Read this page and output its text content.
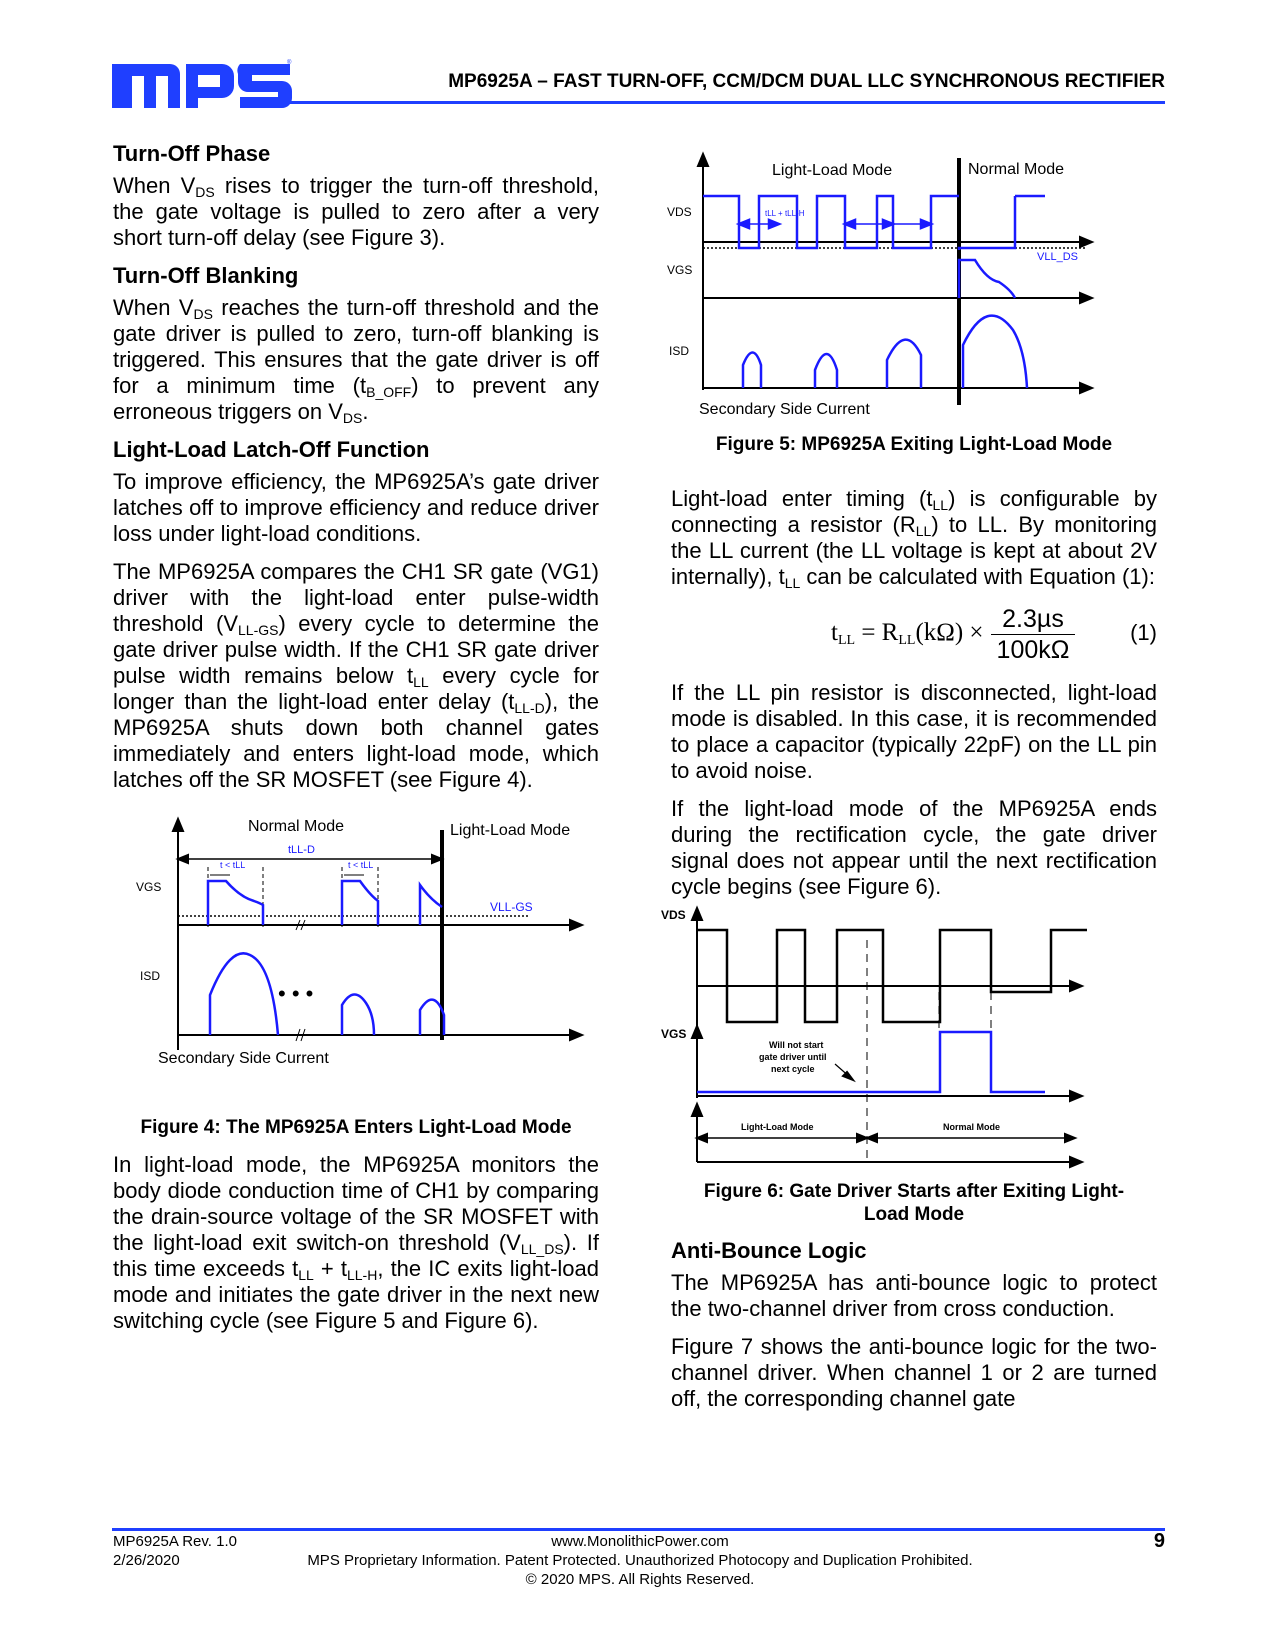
®
MP6925A – FAST TURN-OFF, CCM/DCM DUAL LLC SYNCHRONOUS RECTIFIER
Turn-Off Phase

When $V_{DS}$ rises to trigger the turn-off threshold, the gate voltage is pulled to zero after a very short turn-off delay (see Figure 3).

Turn-Off Blanking

When $V_{DS}$ reaches the turn-off threshold and the gate driver is pulled to zero, turn-off blanking is triggered. This ensures that the gate driver is off for a minimum time $(t_{B\_OFF})$ to prevent any erroneous triggers on $V_{DS}$.

Light-Load Latch-Off Function

To improve efficiency, the MP6925A’s gate driver latches off to improve efficiency and reduce driver loss under light-load conditions.

The MP6925A compares the CH1 SR gate (VG1) driver with the light-load enter pulse-width threshold $(V_{LL-GS})$ every cycle to determine the gate driver pulse width. If the CH1 SR gate driver pulse width remains below $t_{LL}$ every cycle for longer than the light-load enter delay $(t_{LL-D})$, the MP6925A shuts down both channel gates immediately and enters light-load mode, which latches off the SR MOSFET (see Figure 4).

Normal Mode	Light-Load Mode
tLL-D
t < tLL	t < tLL
VGS
VLL-GS
ISD
• • •
Secondary Side Current
Figure 4: The MP6925A Enters Light-Load Mode

In light-load mode, the MP6925A monitors the body diode conduction time of CH1 by comparing the drain-source voltage of the SR MOSFET with the light-load exit switch-on threshold $(V_{LL\_DS})$. If this time exceeds $t_{LL} + t_{LL-H}$, the IC exits light-load mode and initiates the gate driver in the next new switching cycle (see Figure 5 and Figure 6).

Light-Load Mode	Normal Mode
VDS	tLL + tLL-H
VLL_DS
VGS
ISD
Secondary Side Current
Figure 5: MP6925A Exiting Light-Load Mode

Light-load enter timing $(t_{LL})$ is configurable by connecting a resistor $(R_{LL})$ to LL. By monitoring the LL current (the LL voltage is kept at about 2V internally), $t_{LL}$ can be calculated with Equation (1):

$t_{LL} = R_{LL}(k\Omega) \times 2.3\mu s$
100kΩ
(1)

If the LL pin resistor is disconnected, light-load mode is disabled. In this case, it is recommended to place a capacitor (typically 22pF) on the LL pin to avoid noise.

If the light-load mode of the MP6925A ends during the rectification cycle, the gate driver signal does not appear until the next rectification cycle begins (see Figure 6).

VDS
VGS
Will not start
gate driver until
next cycle
Light-Load Mode	Normal Mode
Figure 6: Gate Driver Starts after Exiting Light-
Load Mode
Anti-Bounce Logic

The MP6925A has anti-bounce logic to protect the two-channel driver from cross conduction.

Figure 7 shows the anti-bounce logic for the two-channel driver. When channel 1 or 2 are turned off, the corresponding channel gate

MP6925A Rev. 1.0
2/26/2020
www.MonolithicPower.com
MPS Proprietary Information. Patent Protected. Unauthorized Photocopy and Duplication Prohibited.
© 2020 MPS. All Rights Reserved.
9
